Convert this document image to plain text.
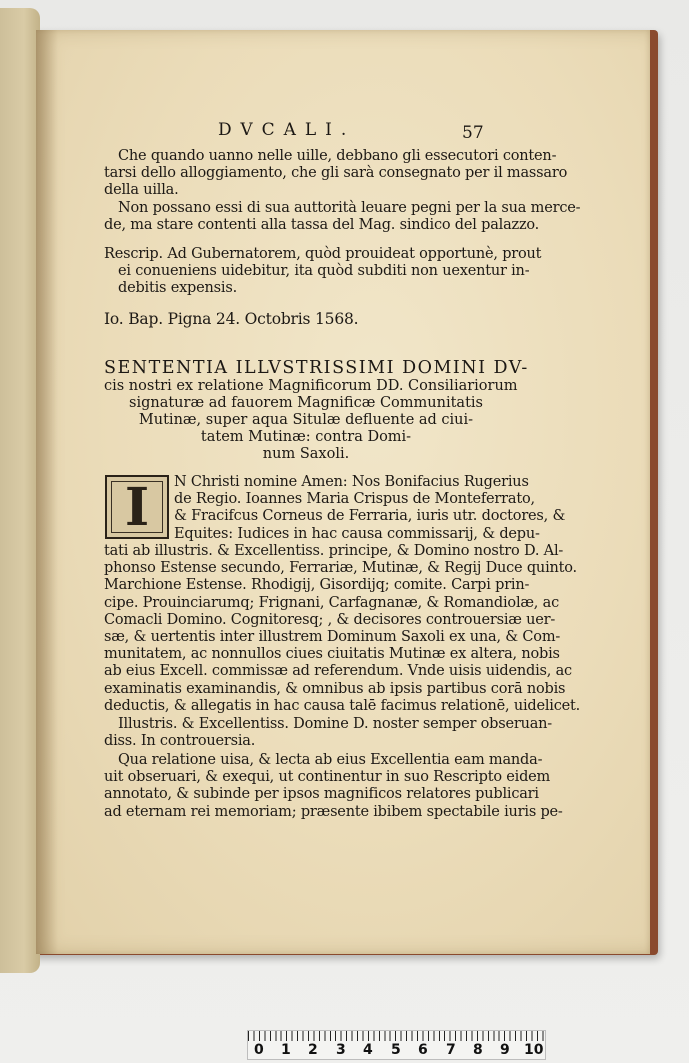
DVCALI.	57
Che quando uanno nelle uille, debbano gli essecutori conten-
tarsi dello alloggiamento, che gli sarà consegnato per il massaro
della uilla.
Non possano essi di sua auttorità leuare pegni per la sua merce-
de, ma stare contenti alla tassa del Mag. sindico del palazzo.
Rescrip. Ad Gubernatorem, quòd prouideat opportunè, prout
ei conueniens uidebitur, ita quòd subditi non uexentur in-
debitis expensis.
Io. Bap. Pigna 24. Octobris 1568.
SENTENTIA ILLVSTRISSIMI DOMINI DV-
cis nostri ex relatione Magnificorum DD. Consiliariorum
signaturæ ad fauorem Magnificæ Communitatis
Mutinæ, super aqua Situlæ defluente ad ciui-
tatem Mutinæ: contra Domi-
num Saxoli.
I	N Christi nomine Amen: Nos Bonifacius Rugerius
de Regio. Ioannes Maria Crispus de Monteferrato,
& Fracifcus Corneus de Ferraria, iuris utr. doctores, &
Equites: Iudices in hac causa commissarij, & depu-
tati ab illustris. & Excellentiss. principe, & Domino nostro D. Al-
phonso Estense secundo, Ferrariæ, Mutinæ, & Regij Duce quinto.
Marchione Estense. Rhodigij, Gisordijq; comite. Carpi prin-
cipe. Prouinciarumq; Frignani, Carfagnanæ, & Romandiolæ, ac
Comacli Domino. Cognitoresq; , & decisores controuersiæ uer-
sæ, & uertentis inter illustrem Dominum Saxoli ex una, & Com-
munitatem, ac nonnullos ciues ciuitatis Mutinæ ex altera, nobis
ab eius Excell. commissæ ad referendum. Vnde uisis uidendis, ac
examinatis examinandis, & omnibus ab ipsis partibus corā nobis
deductis, & allegatis in hac causa talē facimus relationē, uidelicet.
Illustris. & Excellentiss. Domine D. noster semper obseruan-
diss. In controuersia.
Qua relatione uisa, & lecta ab eius Excellentia eam manda-
uit obseruari, & exequi, ut continentur in suo Rescripto eidem
annotato, & subinde per ipsos magnificos relatores publicari
ad eternam rei memoriam; præsente ibibem spectabile iuris pe-
0 1 2 3 4 5 6 7 8 9 10
